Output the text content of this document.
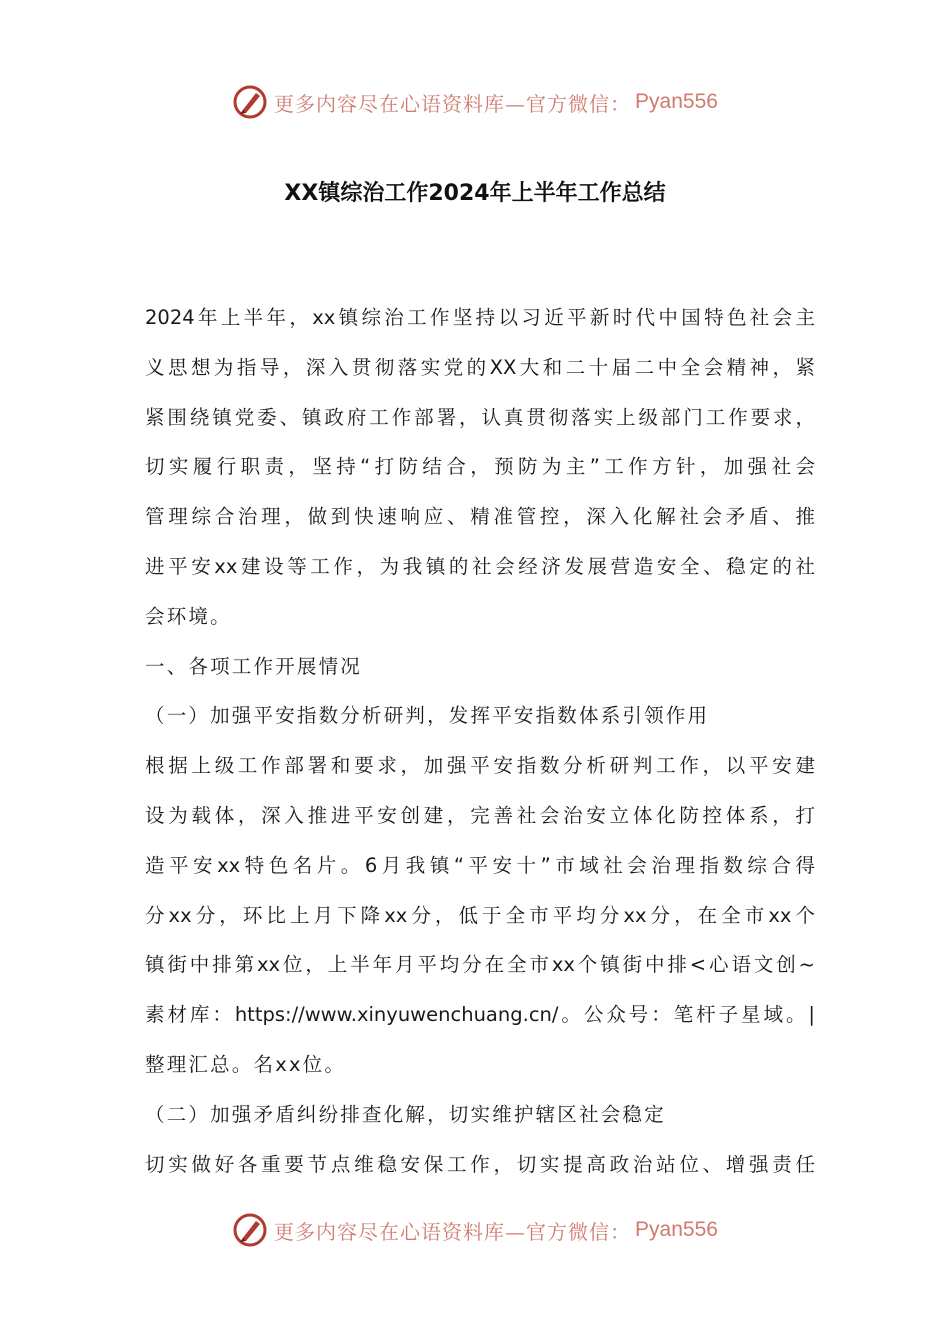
更多内容尽在心语资料库—官方微信： Pyan556
XX镇综治工作2024年上半年工作总结
2024年上半年，xx镇综治工作坚持以习近平新时代中国特色社会主
义思想为指导，深入贯彻落实党的XX大和二十届二中全会精神，紧
紧围绕镇党委、镇政府工作部署，认真贯彻落实上级部门工作要求，
切实履行职责，坚持“打防结合，预防为主”工作方针，加强社会
管理综合治理，做到快速响应、精准管控，深入化解社会矛盾、推
进平安xx建设等工作，为我镇的社会经济发展营造安全、稳定的社
会环境。
一、各项工作开展情况
（一）加强平安指数分析研判，发挥平安指数体系引领作用
根据上级工作部署和要求，加强平安指数分析研判工作，以平安建
设为载体，深入推进平安创建，完善社会治安立体化防控体系，打
造平安xx特色名片。6月我镇“平安十”市域社会治理指数综合得
分xx分，环比上月下降xx分，低于全市平均分xx分，在全市xx个
镇街中排第xx位，上半年月平均分在全市xx个镇街中排<心语文创~
素材库：https://www.xinyuwenchuang.cn/。公众号：笔杆子星域。|
整理汇总。名xx位。
（二）加强矛盾纠纷排查化解，切实维护辖区社会稳定
切实做好各重要节点维稳安保工作，切实提高政治站位、增强责任
更多内容尽在心语资料库—官方微信： Pyan556
